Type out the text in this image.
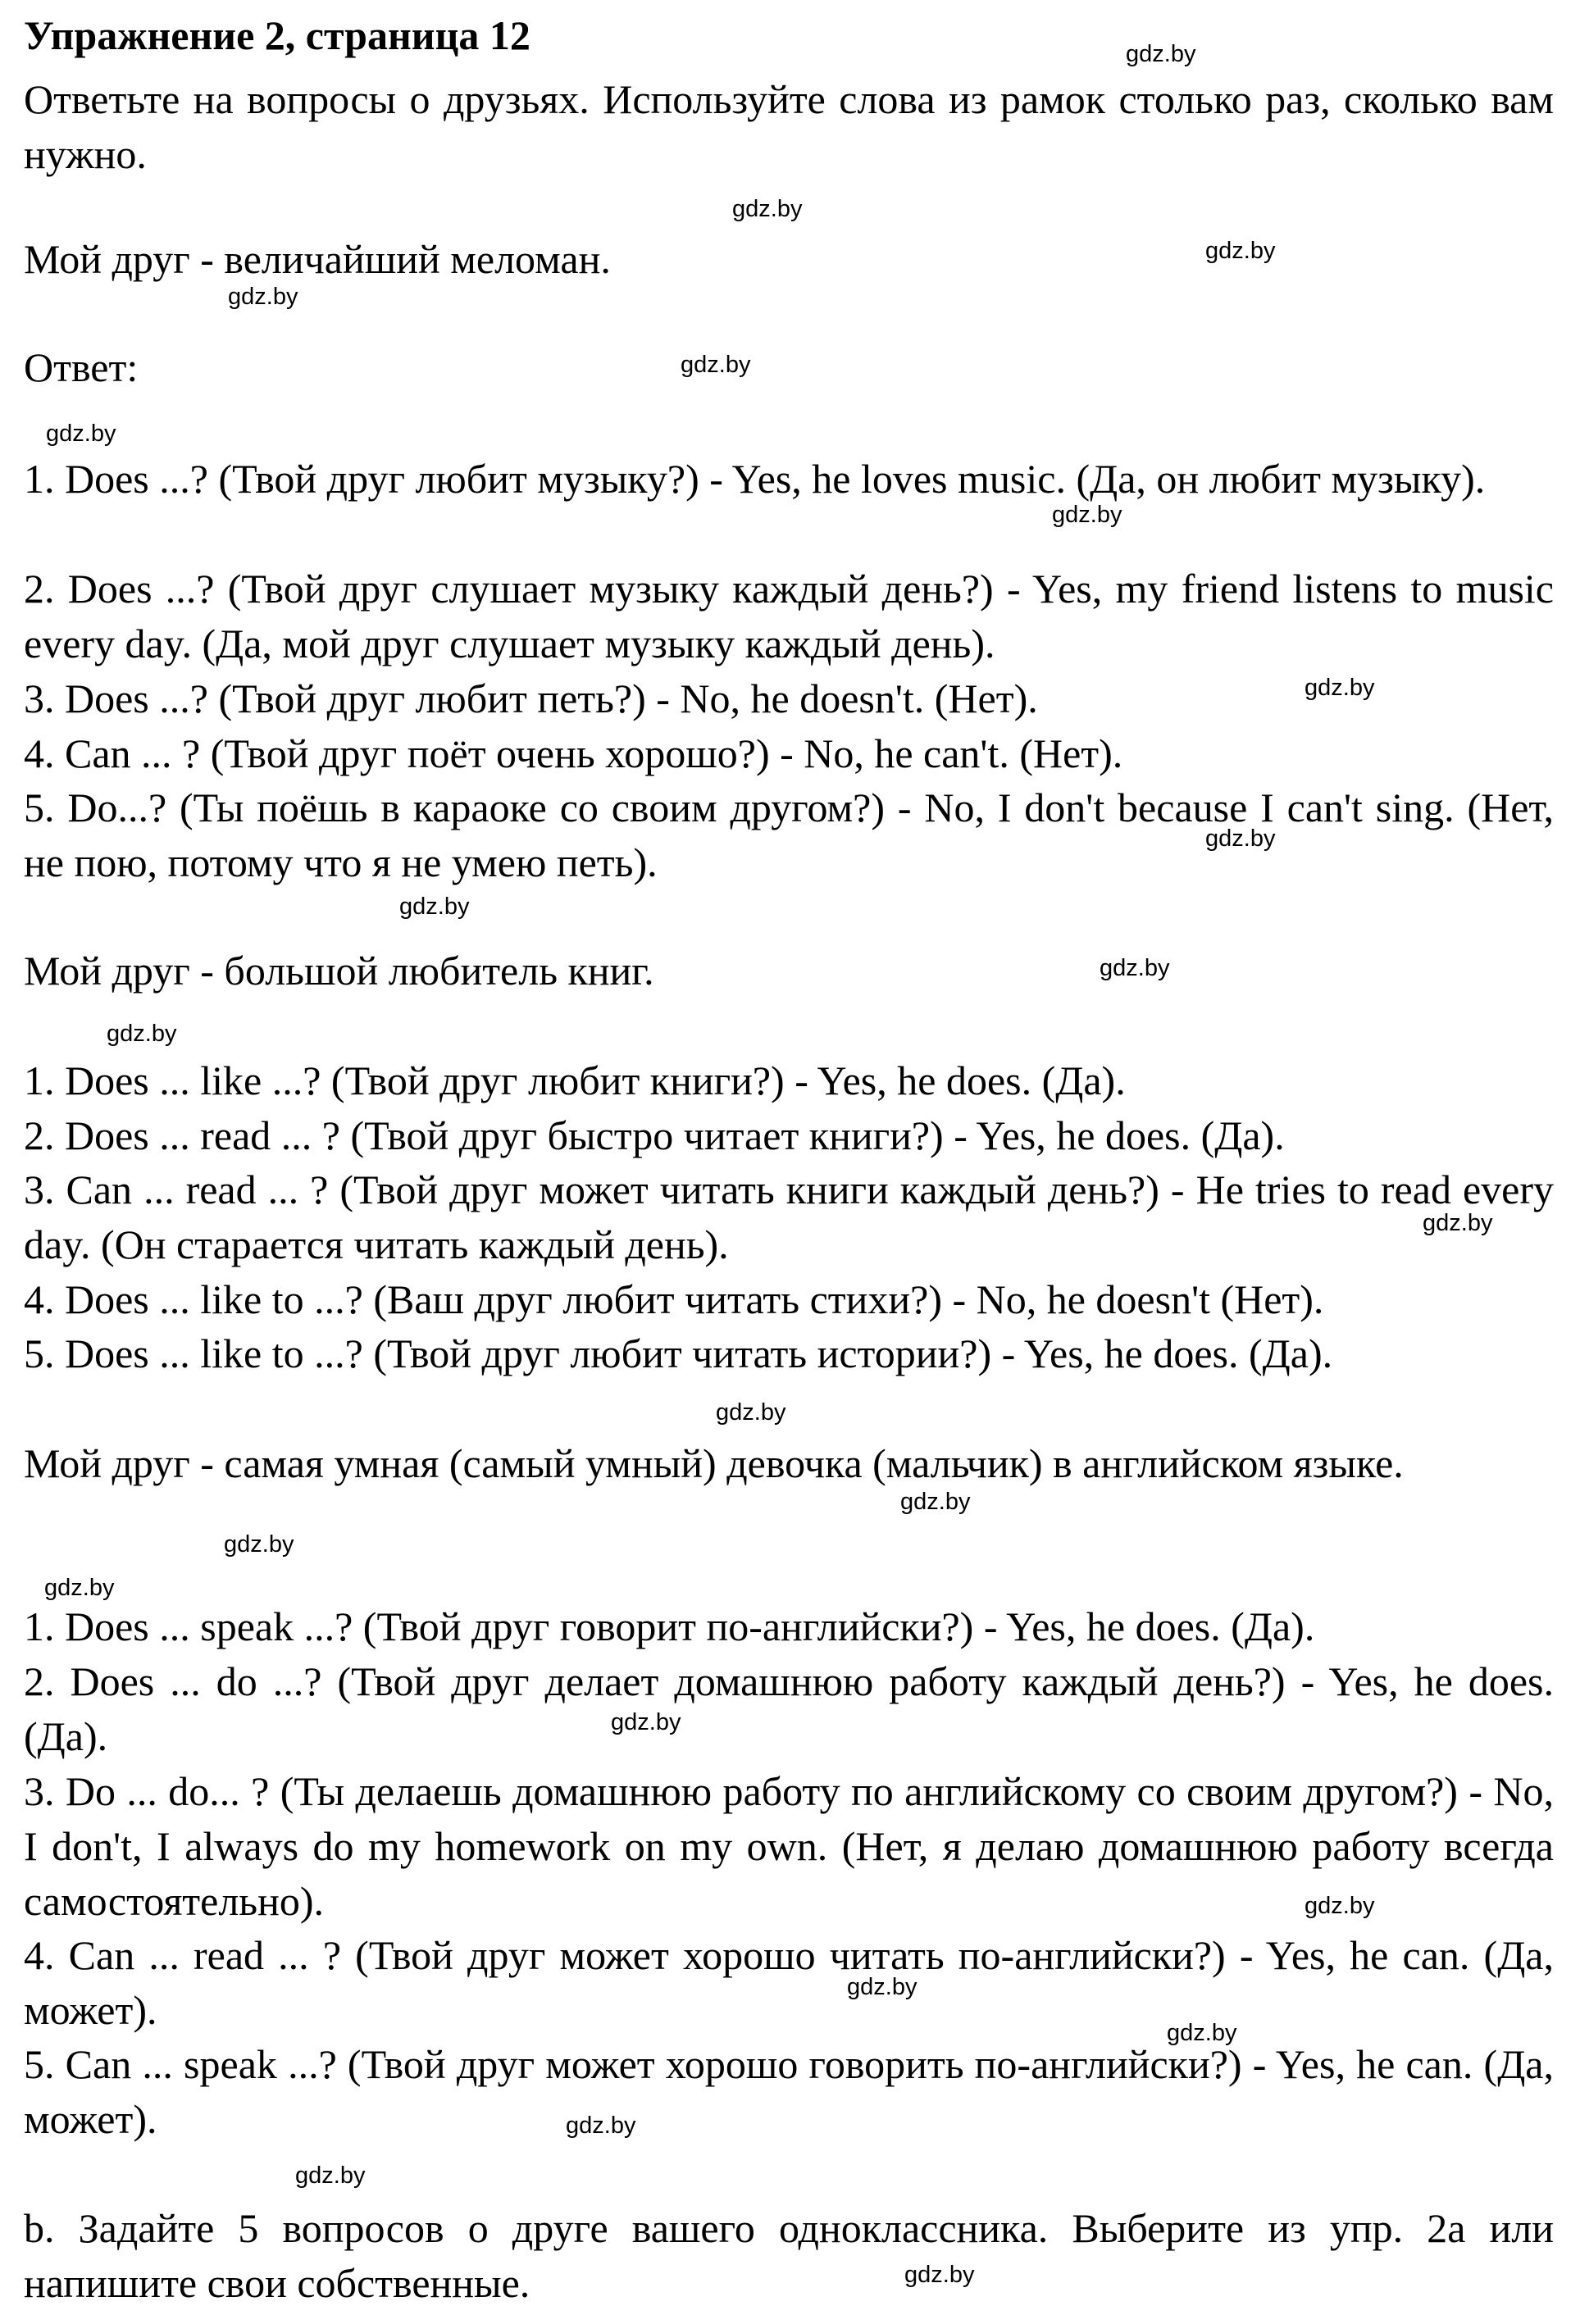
Упражнение 2, страница 12
Ответьте на вопросы о друзьях. Используйте слова из рамок столько раз, сколько вам нужно.
Мой друг - величайший меломан.
Ответ:
1. Does ...? (Твой друг любит музыку?) - Yes, he loves music. (Да, он любит музыку).
2. Does ...? (Твой друг слушает музыку каждый день?) - Yes, my friend listens to music every day. (Да, мой друг слушает музыку каждый день).
3. Does ...? (Твой друг любит петь?) - No, he doesn't. (Нет).
4. Can ... ? (Твой друг поёт очень хорошо?) - No, he can't. (Нет).
5. Do...? (Ты поёшь в караоке со своим другом?) - No, I don't because I can't sing. (Нет, не пою, потому что я не умею петь).
Мой друг - большой любитель книг.
1. Does ... like ...? (Твой друг любит книги?) - Yes, he does. (Да).
2. Does ... read ... ? (Твой друг быстро читает книги?) - Yes, he does. (Да).
3. Can ... read ... ? (Твой друг может читать книги каждый день?) - He tries to read every day. (Он старается читать каждый день).
4. Does ... like to ...? (Ваш друг любит читать стихи?) - No, he doesn't (Нет).
5. Does ... like to ...? (Твой друг любит читать истории?) - Yes, he does. (Да).
Мой друг - самая умная (самый умный) девочка (мальчик) в английском языке.
1. Does ... speak ...? (Твой друг говорит по-английски?) - Yes, he does. (Да).
2. Does ... do ...? (Твой друг делает домашнюю работу каждый день?) - Yes, he does. (Да).
3. Do ... do... ? (Ты делаешь домашнюю работу по английскому со своим другом?) - No, I don't, I always do my homework on my own. (Нет, я делаю домашнюю работу всегда самостоятельно).
4. Can ... read ... ? (Твой друг может хорошо читать по-английски?) - Yes, he can. (Да, может).
5. Can ... speak ...? (Твой друг может хорошо говорить по-английски?) - Yes, he can. (Да, может).
b. Задайте 5 вопросов о друге вашего одноклассника. Выберите из упр. 2a или напишите свои собственные.
gdz.by
gdz.by
gdz.by
gdz.by
gdz.by
gdz.by
gdz.by
gdz.by
gdz.by
gdz.by
gdz.by
gdz.by
gdz.by
gdz.by
gdz.by
gdz.by
gdz.by
gdz.by
gdz.by
gdz.by
gdz.by
gdz.by
gdz.by
gdz.by
